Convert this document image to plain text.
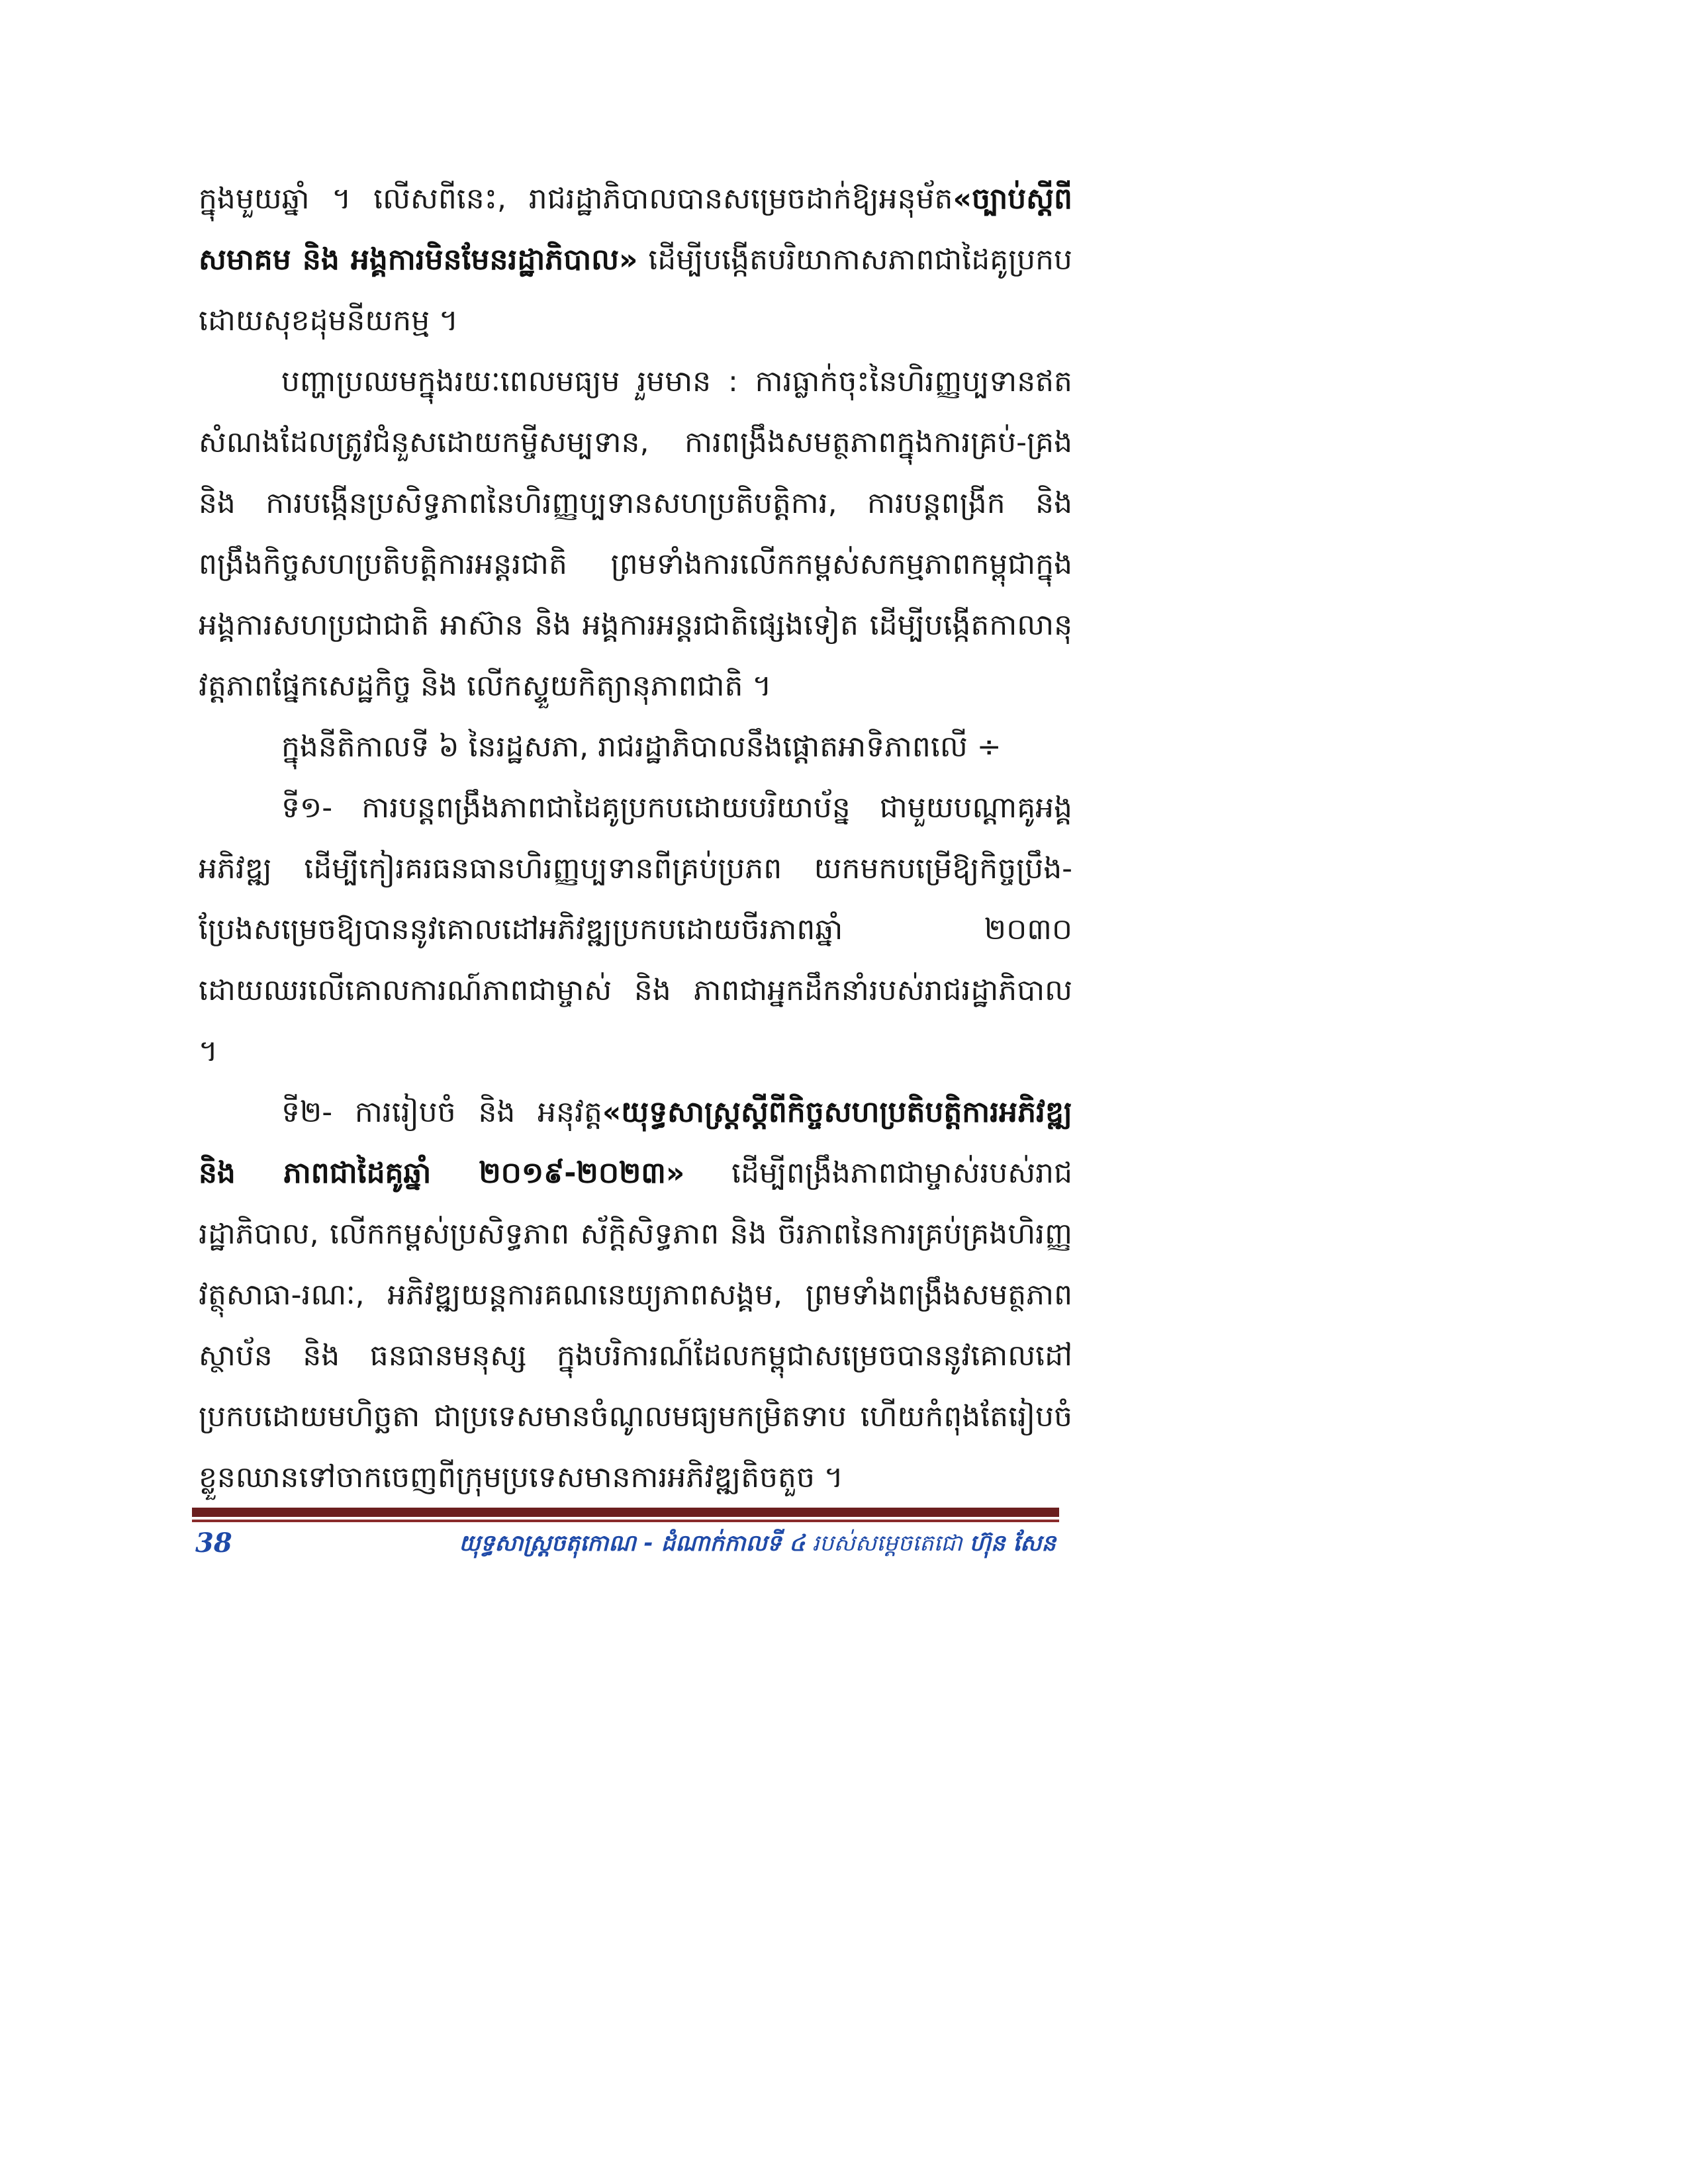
ក្នុងមួយឆ្នាំ ។ លើសពីនេះ, រាជរដ្ឋាភិបាលបានសម្រេចដាក់ឱ្យអនុម័ត«ច្បាប់ស្តីពីសមាគម និង អង្គការមិនមែនរដ្ឋាភិបាល» ដើម្បីបង្កើតបរិយាកាសភាពជាដៃគូប្រកបដោយសុខដុមនីយកម្ម ។

បញ្ហាប្រឈមក្នុងរយៈពេលមធ្យម រួមមាន : ការធ្លាក់ចុះនៃហិរញ្ញប្បទានឥតសំណងដែលត្រូវជំនួសដោយកម្ចីសម្បទាន, ការពង្រឹងសមត្ថភាពក្នុងការគ្រប់-គ្រង និង ការបង្កើនប្រសិទ្ធភាពនៃហិរញ្ញប្បទានសហប្រតិបត្តិការ, ការបន្តពង្រីក និង ពង្រឹងកិច្ចសហប្រតិបត្តិការអន្តរជាតិ ព្រមទាំងការលើកកម្ពស់សកម្មភាពកម្ពុជាក្នុងអង្គការសហប្រជាជាតិ អាស៊ាន និង អង្គការអន្តរជាតិផ្សេងទៀត ដើម្បីបង្កើតកាលានុវត្តភាពផ្នែកសេដ្ឋកិច្ច និង លើកស្ទួយកិត្យានុភាពជាតិ ។

ក្នុងនីតិកាលទី ៦ នៃរដ្ឋសភា, រាជរដ្ឋាភិបាលនឹងផ្តោតអាទិភាពលើ ÷

ទី១- ការបន្តពង្រឹងភាពជាដៃគូប្រកបដោយបរិយាប័ន្ន ជាមួយបណ្តាគូអង្គអភិវឌ្ឍ ដើម្បីកៀរគរធនធានហិរញ្ញប្បទានពីគ្រប់ប្រភព យកមកបម្រើឱ្យកិច្ចប្រឹង-ប្រែងសម្រេចឱ្យបាននូវគោលដៅអភិវឌ្ឍប្រកបដោយចីរភាពឆ្នាំ ២០៣០ ដោយឈរលើគោលការណ៍ភាពជាម្ចាស់ និង ភាពជាអ្នកដឹកនាំរបស់រាជរដ្ឋាភិបាល ។

ទី២- ការរៀបចំ និង អនុវត្ត«យុទ្ធសាស្ត្រស្តីពីកិច្ចសហប្រតិបត្តិការអភិវឌ្ឍ និង ភាពជាដៃគូឆ្នាំ ២០១៩-២០២៣» ដើម្បីពង្រឹងភាពជាម្ចាស់របស់រាជរដ្ឋាភិបាល, លើកកម្ពស់ប្រសិទ្ធភាព ស័ក្តិសិទ្ធភាព និង ចីរភាពនៃការគ្រប់គ្រងហិរញ្ញវត្ថុសាធា-រណៈ, អភិវឌ្ឍយន្តការគណនេយ្យភាពសង្គម, ព្រមទាំងពង្រឹងសមត្ថភាពស្ថាប័ន និង ធនធានមនុស្ស ក្នុងបរិការណ៍ដែលកម្ពុជាសម្រេចបាននូវគោលដៅប្រកបដោយមហិច្ឆតា ជាប្រទេសមានចំណូលមធ្យមកម្រិតទាប ហើយកំពុងតែរៀបចំខ្លួនឈានទៅចាកចេញពីក្រុមប្រទេសមានការអភិវឌ្ឍតិចតួច ។

38	យុទ្ធសាស្ត្រចតុកោណ - ដំណាក់កាលទី ៤ របស់សម្តេចតេជោ ហ៊ុន សែន
